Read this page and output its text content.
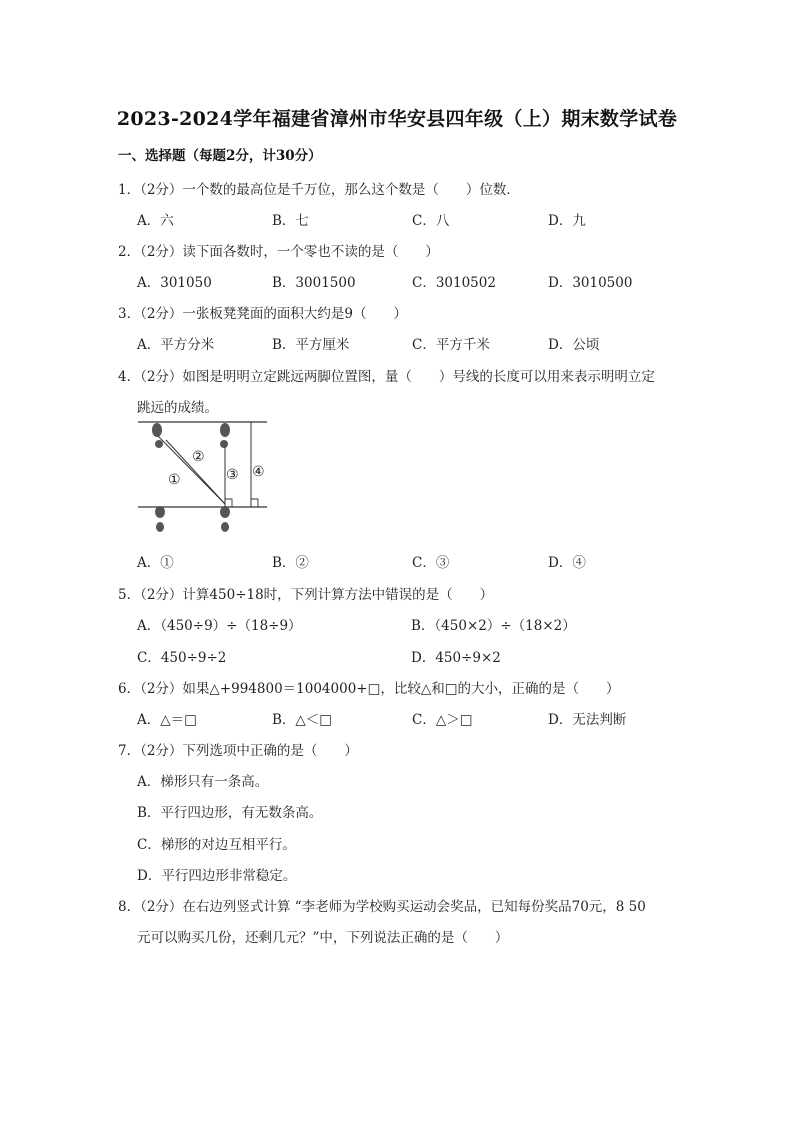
2023-2024学年福建省漳州市华安县四年级（上）期末数学试卷
一、选择题（每题2分，计30分）
1．（2分）一个数的最高位是千万位，那么这个数是（　　）位数．
A．六	B．七	C．八	D．九
2．（2分）读下面各数时，一个零也不读的是（　　）
A．301050	B．3001500	C．3010502	D．3010500
3．（2分）一张板凳凳面的面积大约是9（　　）
A．平方分米	B．平方厘米	C．平方千米	D．公顷
4．（2分）如图是明明立定跳远两脚位置图，量（　　）号线的长度可以用来表示明明立定
跳远的成绩。
①
②
③ ④
A．①	B．②	C．③	D．④
5．（2分）计算450÷18时，下列计算方法中错误的是（　　）
A．（450÷9）÷（18÷9）	B．（450×2）÷（18×2）
C．450÷9÷2	D．450÷9×2
6．（2分）如果△+994800＝1004000+□，比较△和□的大小，正确的是（　　）
A．△＝□	B．△＜□	C．△＞□	D．无法判断
7．（2分）下列选项中正确的是（　　）
A．梯形只有一条高。
B．平行四边形，有无数条高。
C．梯形的对边互相平行。
D．平行四边形非常稳定。
8．（2分）在右边列竖式计算 “李老师为学校购买运动会奖品，已知每份奖品70元，8 50
元可以购买几份，还剩几元？”中，下列说法正确的是（　　）
